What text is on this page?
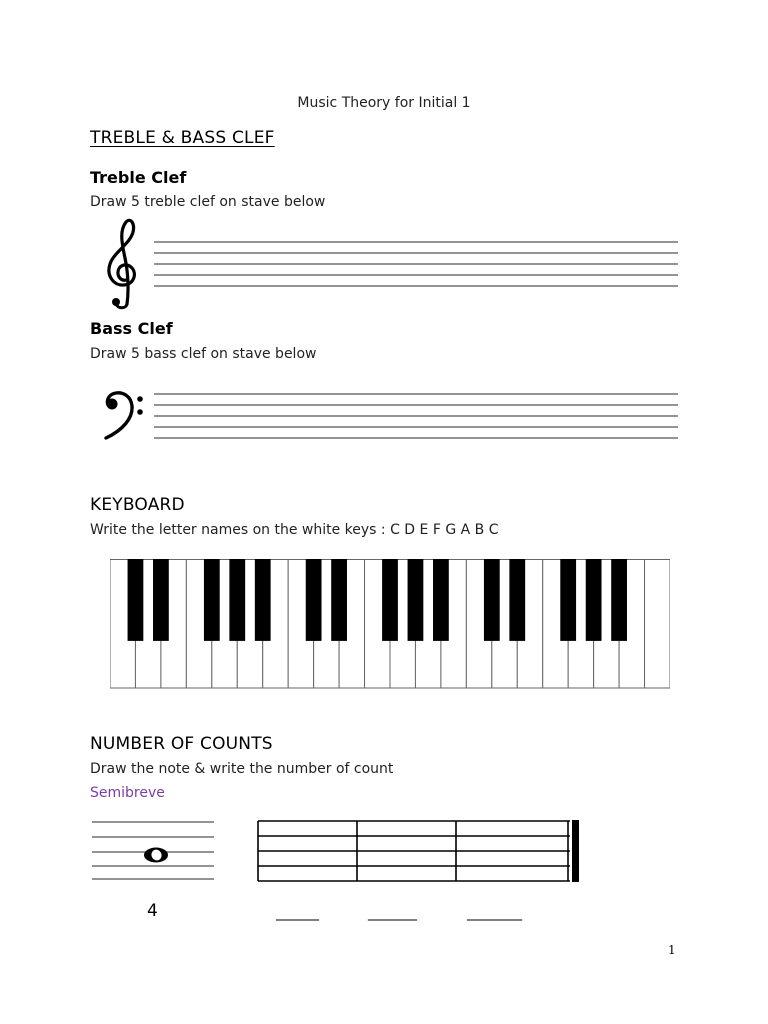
Music Theory for Initial 1
TREBLE & BASS CLEF
Treble Clef
Draw 5 treble clef on stave below
Bass Clef
Draw 5 bass clef on stave below
KEYBOARD
Write the letter names on the white keys : C D E F G A B C
NUMBER OF COUNTS
Draw the note & write the number of count
Semibreve
4	_______	________	_________
1
